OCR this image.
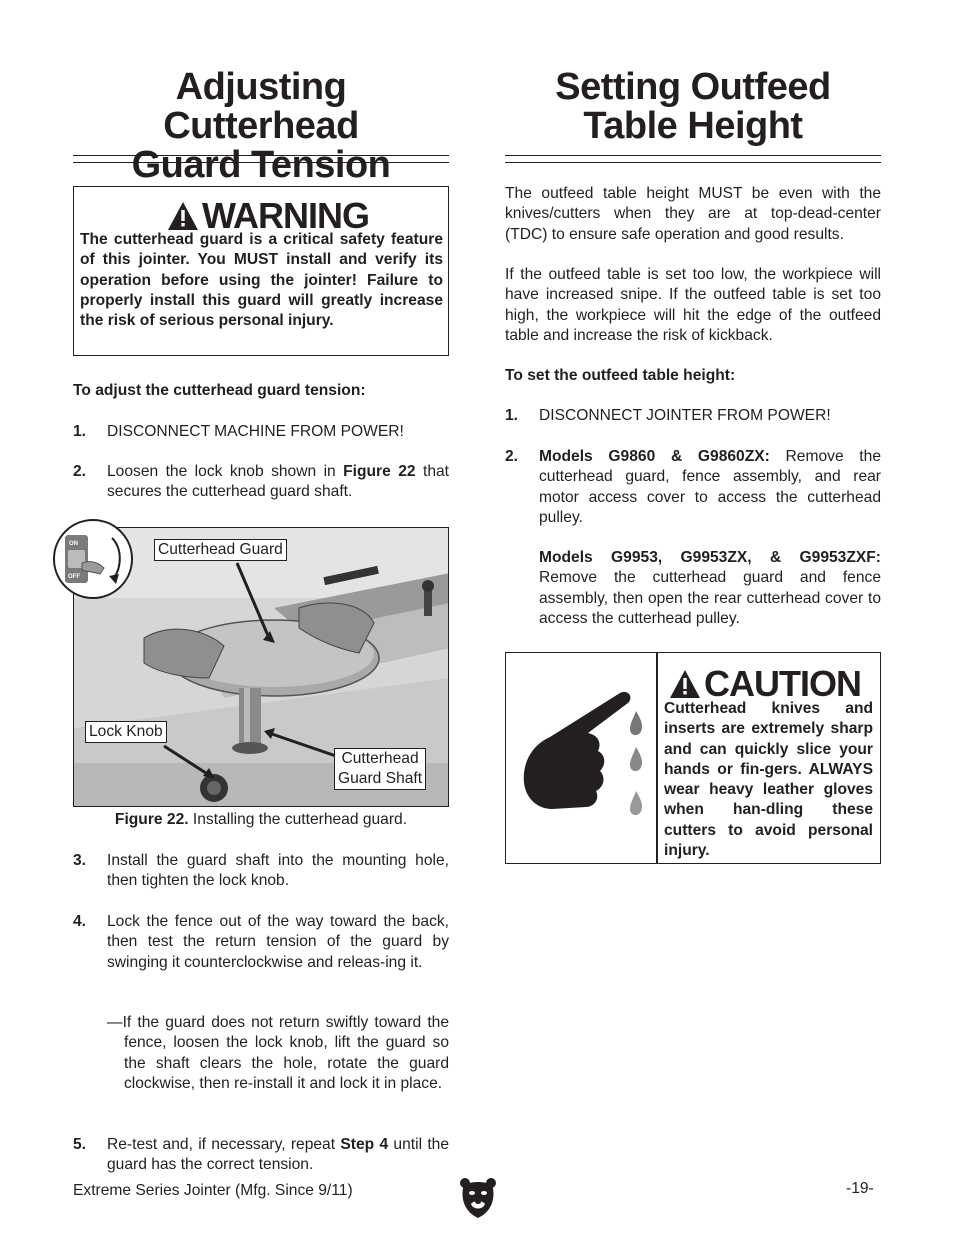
Adjusting Cutterhead
Guard Tension
WARNING
The cutterhead guard is a critical safety feature of this jointer. You MUST install and verify its operation before using the jointer! Failure to properly install this guard will greatly increase the risk of serious personal injury.
To adjust the cutterhead guard tension:
1. DISCONNECT MACHINE FROM POWER!
2. Loosen the lock knob shown in Figure 22 that secures the cutterhead guard shaft.
Cutterhead Guard
Lock Knob
Cutterhead
Guard Shaft
Figure 22. Installing the cutterhead guard.
3. Install the guard shaft into the mounting hole, then tighten the lock knob.
4. Lock the fence out of the way toward the back, then test the return tension of the guard by swinging it counterclockwise and releas-ing it.
—If the guard does not return swiftly toward the fence, loosen the lock knob, lift the guard so the shaft clears the hole, rotate the guard clockwise, then re-install it and lock it in place.
5. Re-test and, if necessary, repeat Step 4 until the guard has the correct tension.
ON
OFF
Setting Outfeed
Table Height
The outfeed table height MUST be even with the knives/cutters when they are at top-dead-center (TDC) to ensure safe operation and good results.
If the outfeed table is set too low, the workpiece will have increased snipe. If the outfeed table is set too high, the workpiece will hit the edge of the outfeed table and increase the risk of kickback.
To set the outfeed table height:
1. DISCONNECT JOINTER FROM POWER!
2. Models G9860 & G9860ZX: Remove the cutterhead guard, fence assembly, and rear motor access cover to access the cutterhead pulley.
Models G9953, G9953ZX, & G9953ZXF: Remove the cutterhead guard and fence assembly, then open the rear cutterhead cover to access the cutterhead pulley.
CAUTION
Cutterhead knives and inserts are extremely sharp and can quickly slice your hands or fin-gers. ALWAYS wear heavy leather gloves when han-dling these cutters to avoid personal injury.
Extreme Series Jointer (Mfg. Since 9/11)	-19-
